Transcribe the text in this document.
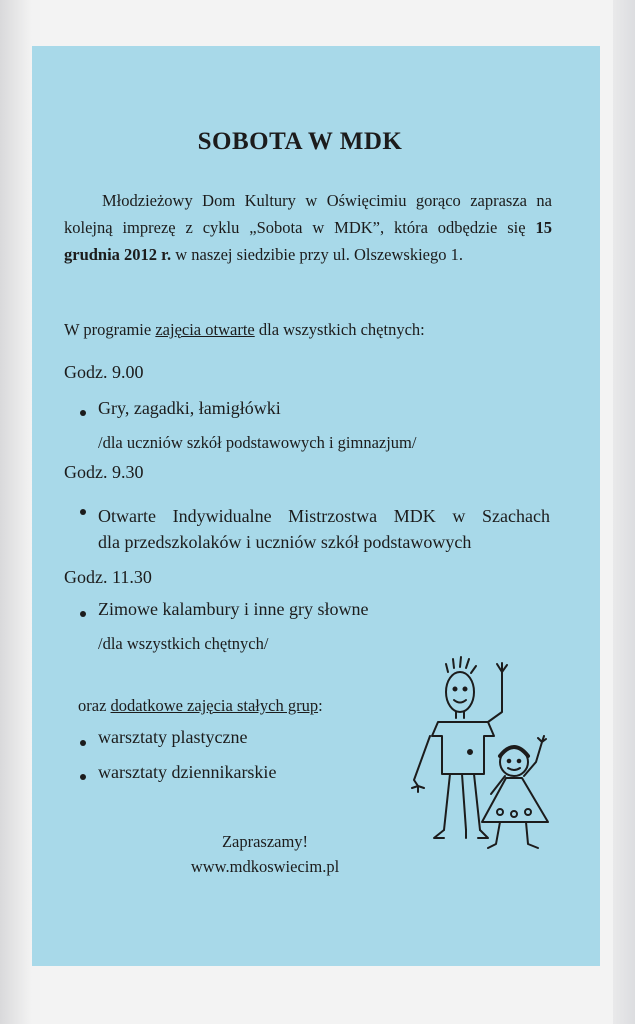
SOBOTA W MDK

Młodzieżowy Dom Kultury w Oświęcimiu gorąco zaprasza na kolejną imprezę z cyklu „Sobota w MDK”, która odbędzie się 15 grudnia 2012 r. w naszej siedzibie przy ul. Olszewskiego 1.

W programie zajęcia otwarte dla wszystkich chętnych:
Godz. 9.00
Gry, zagadki, łamigłówki
/dla uczniów szkół podstawowych i gimnazjum/
Godz. 9.30
Otwarte Indywidualne Mistrzostwa MDK w Szachach
dla przedszkolaków i uczniów szkół podstawowych
Godz. 11.30
Zimowe kalambury i inne gry słowne
/dla wszystkich chętnych/
oraz dodatkowe zajęcia stałych grup:
warsztaty plastyczne
warsztaty dziennikarskie
Zapraszamy!
www.mdkoswiecim.pl
